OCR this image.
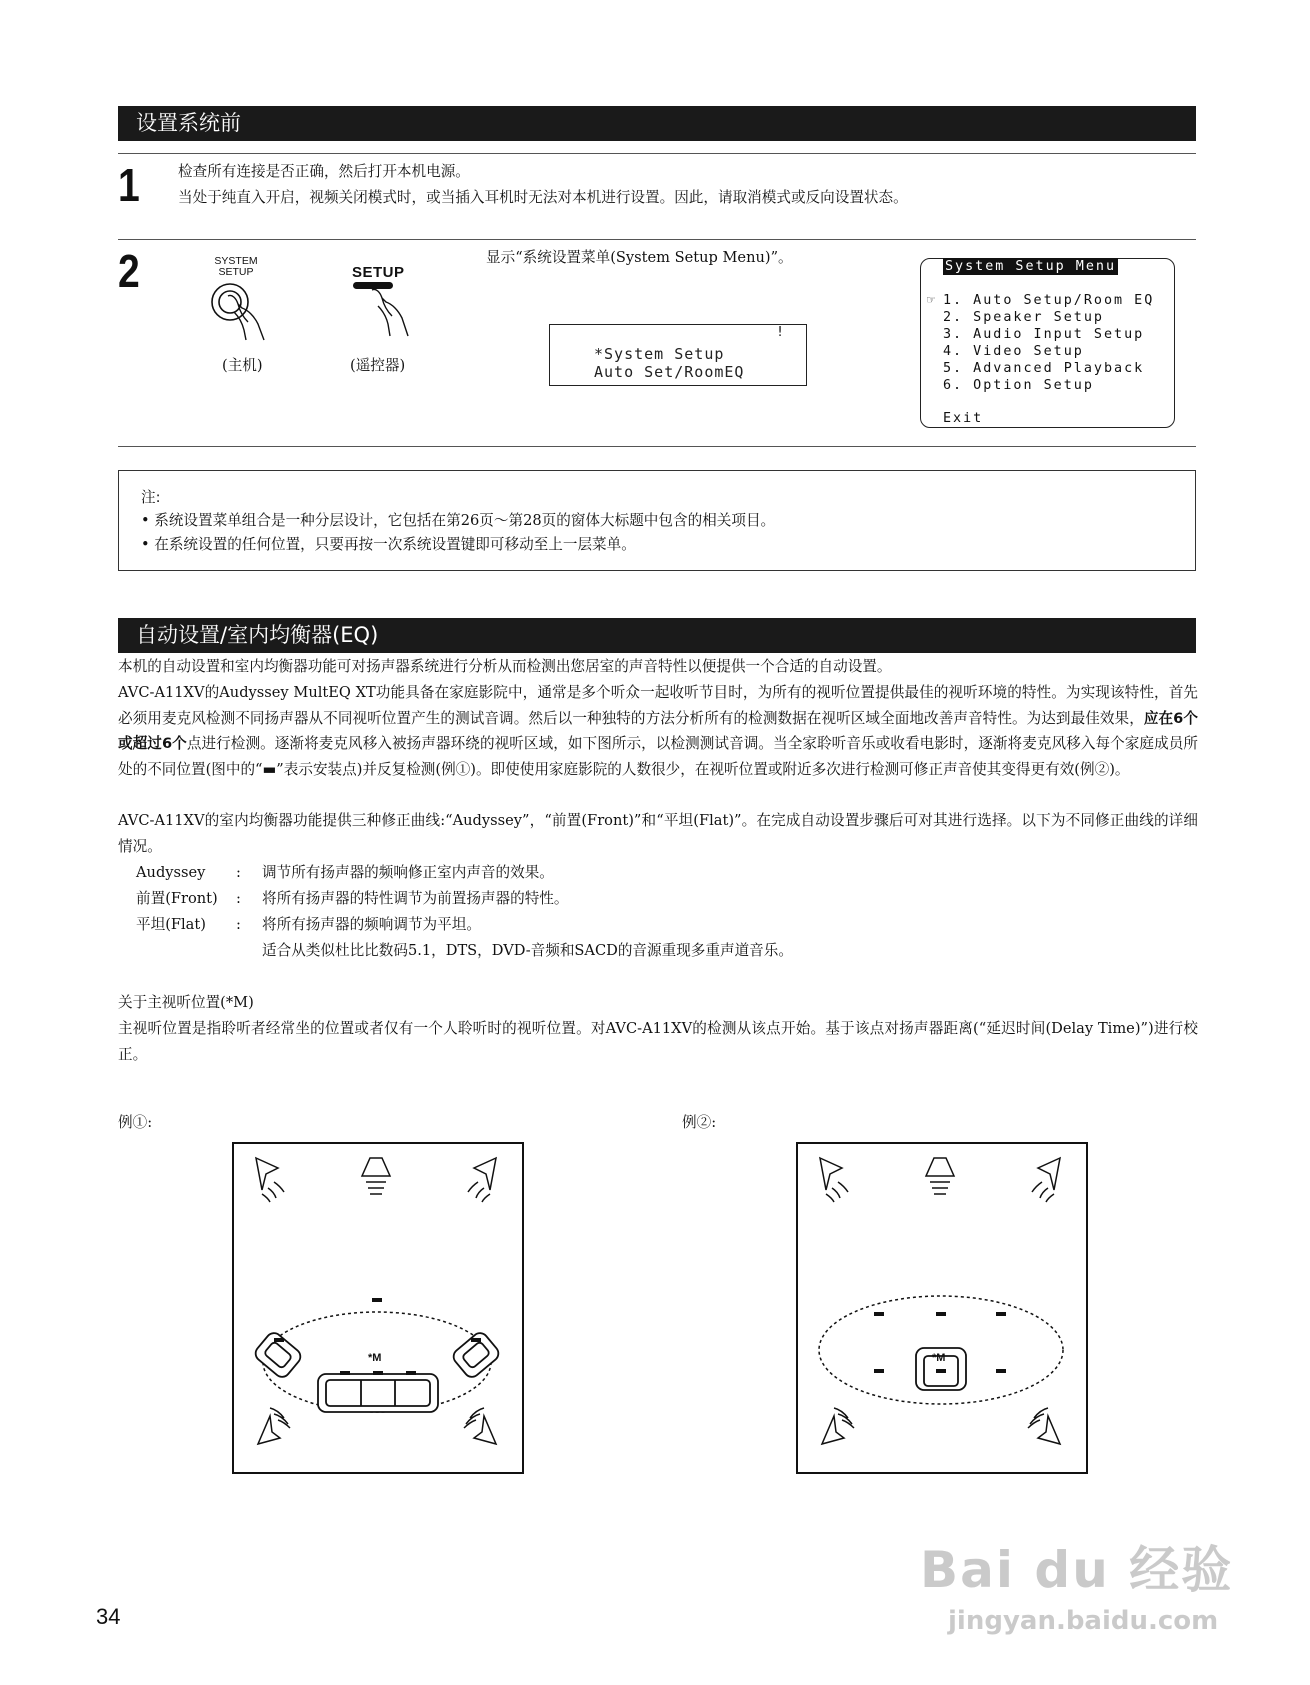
设置系统前
1	检查所有连接是否正确，然后打开本机电源。
当处于纯直入开启，视频关闭模式时，或当插入耳机时无法对本机进行设置。因此，请取消模式或反向设置状态。
2	SYSTEM
SETUP
(主机)
SETUP
(遥控器)
显示“系统设置菜单(System Setup Menu)”。
!
*System Setup
Auto Set/RoomEQ
System Setup Menu
☞ 1. Auto Setup/Room EQ
2. Speaker Setup
3. Audio Input Setup
4. Video Setup
5. Advanced Playback
6. Option Setup
Exit
注:
• 系统设置菜单组合是一种分层设计，它包括在第26页～第28页的窗体大标题中包含的相关项目。
• 在系统设置的任何位置，只要再按一次系统设置键即可移动至上一层菜单。
自动设置/室内均衡器(EQ)
本机的自动设置和室内均衡器功能可对扬声器系统进行分析从而检测出您居室的声音特性以便提供一个合适的自动设置。
AVC-A11XV的Audyssey MultEQ XT功能具备在家庭影院中，通常是多个听众一起收听节目时，为所有的视听位置提供最佳的视听环境的特性。为实现该特性，首先必须用麦克风检测不同扬声器从不同视听位置产生的测试音调。然后以一种独特的方法分析所有的检测数据在视听区域全面地改善声音特性。为达到最佳效果，应在6个或超过6个点进行检测。逐渐将麦克风移入被扬声器环绕的视听区域，如下图所示，以检测测试音调。当全家聆听音乐或收看电影时，逐渐将麦克风移入每个家庭成员所处的不同位置(图中的“▬”表示安装点)并反复检测(例①)。即使使用家庭影院的人数很少，在视听位置或附近多次进行检测可修正声音使其变得更有效(例②)。
AVC-A11XV的室内均衡器功能提供三种修正曲线:“Audyssey”，“前置(Front)”和“平坦(Flat)”。在完成自动设置步骤后可对其进行选择。以下为不同修正曲线的详细情况。
Audyssey : 调节所有扬声器的频响修正室内声音的效果。
前置(Front) : 将所有扬声器的特性调节为前置扬声器的特性。
平坦(Flat) : 将所有扬声器的频响调节为平坦。
适合从类似杜比比数码5.1，DTS，DVD-音频和SACD的音源重现多重声道音乐。
关于主视听位置(*M)
主视听位置是指聆听者经常坐的位置或者仅有一个人聆听时的视听位置。对AVC-A11XV的检测从该点开始。基于该点对扬声器距离(“延迟时间(Delay Time)”)进行校正。
例①:	例②:
*M	*M
34
Bai du 经验
jingyan.baidu.com
